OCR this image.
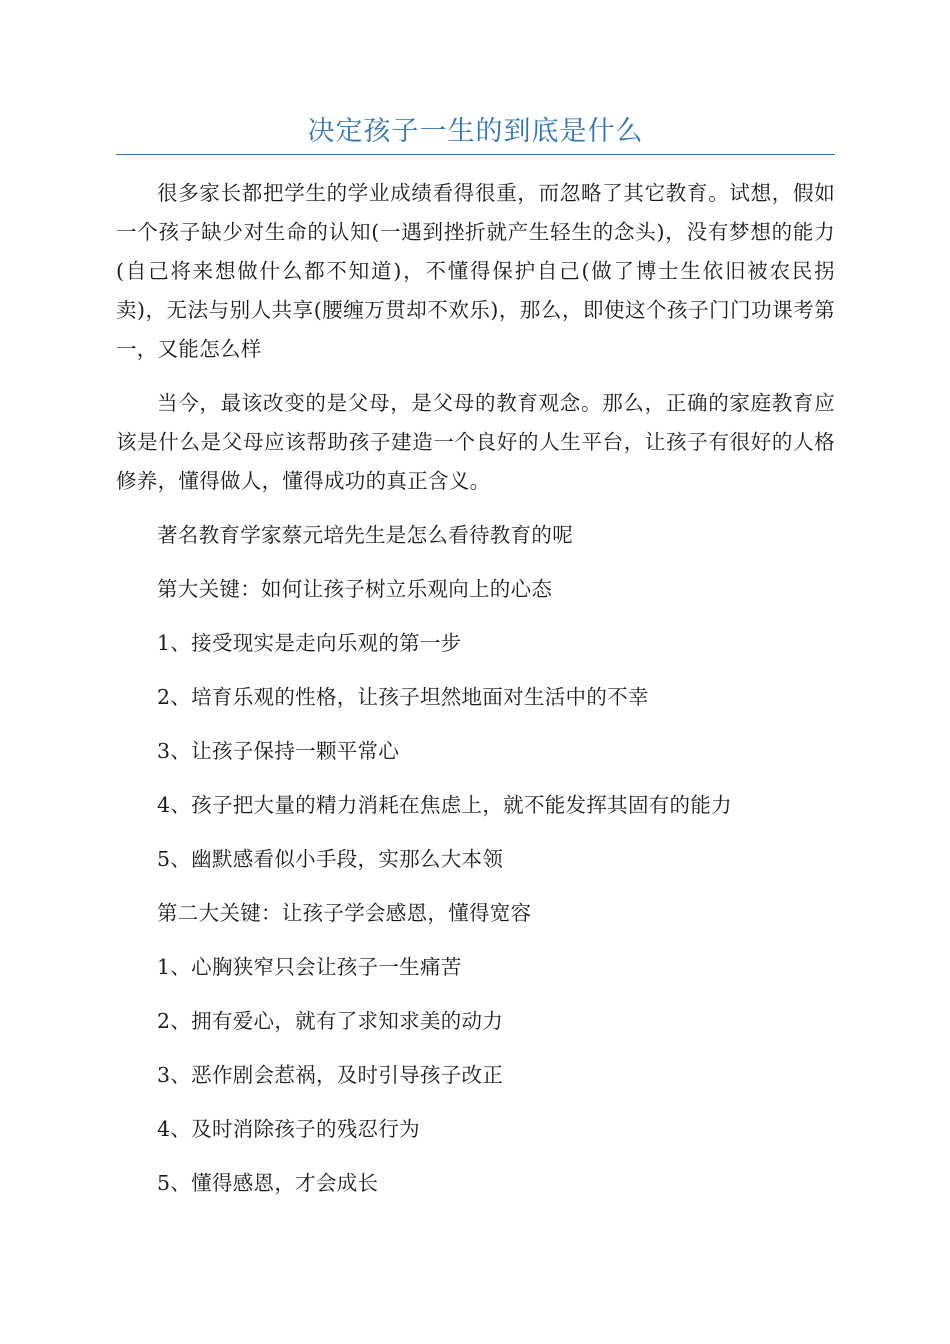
决定孩子一生的到底是什么

很多家长都把学生的学业成绩看得很重，而忽略了其它教育。试想，假如一个孩子缺少对生命的认知(一遇到挫折就产生轻生的念头)，没有梦想的能力(自己将来想做什么都不知道)，不懂得保护自己(做了博士生依旧被农民拐卖)，无法与别人共享(腰缠万贯却不欢乐)，那么，即使这个孩子门门功课考第一，又能怎么样

当今，最该改变的是父母，是父母的教育观念。那么，正确的家庭教育应该是什么是父母应该帮助孩子建造一个良好的人生平台，让孩子有很好的人格修养，懂得做人，懂得成功的真正含义。

著名教育学家蔡元培先生是怎么看待教育的呢

第大关键：如何让孩子树立乐观向上的心态

1、接受现实是走向乐观的第一步

2、培育乐观的性格，让孩子坦然地面对生活中的不幸

3、让孩子保持一颗平常心

4、孩子把大量的精力消耗在焦虑上，就不能发挥其固有的能力

5、幽默感看似小手段，实那么大本领

第二大关键：让孩子学会感恩，懂得宽容

1、心胸狭窄只会让孩子一生痛苦

2、拥有爱心，就有了求知求美的动力

3、恶作剧会惹祸，及时引导孩子改正

4、及时消除孩子的残忍行为

5、懂得感恩，才会成长
